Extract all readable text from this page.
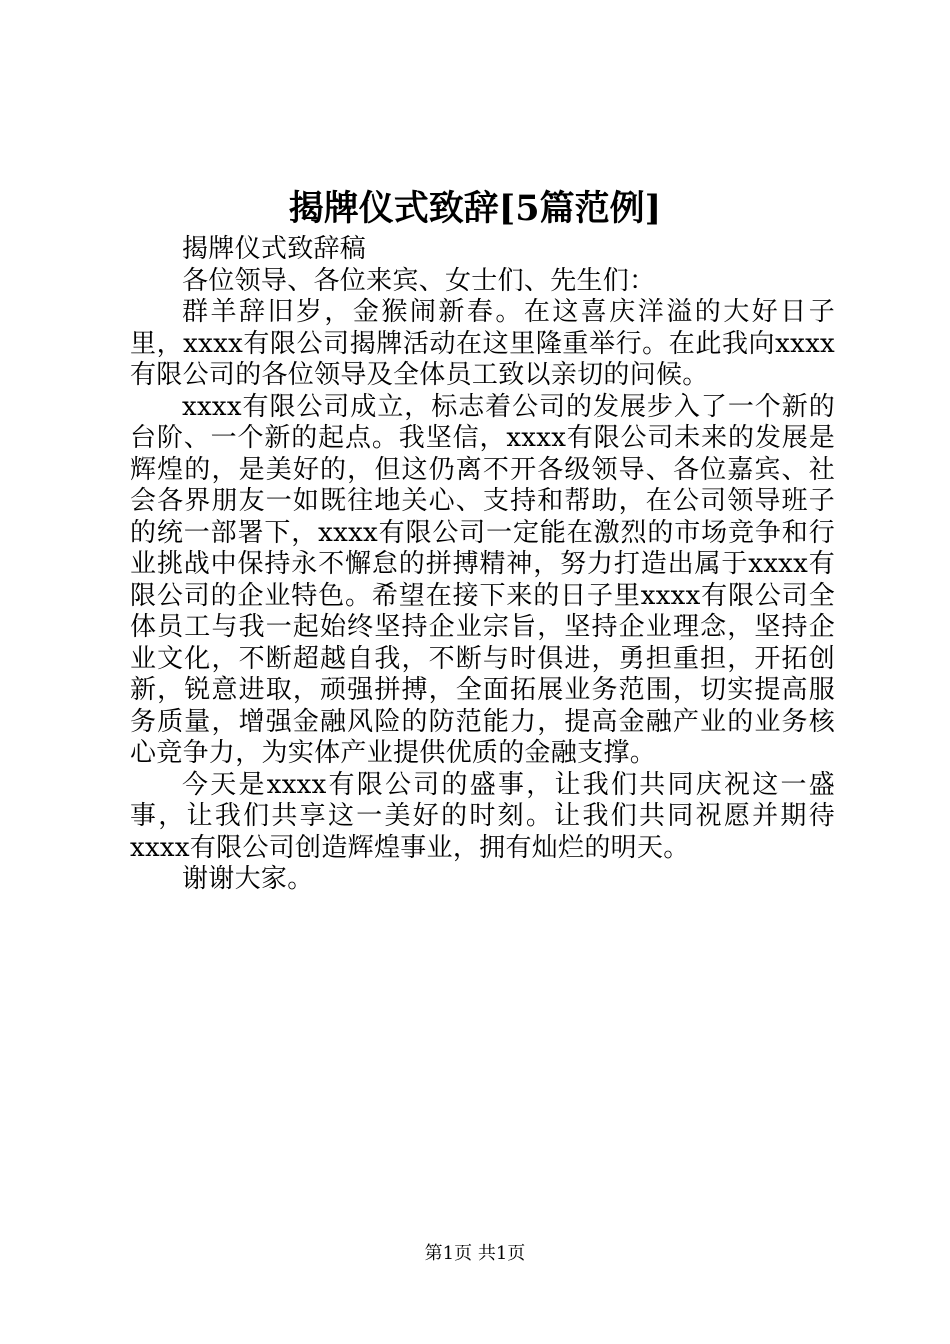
揭牌仪式致辞[5篇范例]

揭牌仪式致辞稿

各位领导、各位来宾、女士们、先生们：

群羊辞旧岁，金猴闹新春。在这喜庆洋溢的大好日子里，xxxx有限公司揭牌活动在这里隆重举行。在此我向xxxx有限公司的各位领导及全体员工致以亲切的问候。

xxxx有限公司成立，标志着公司的发展步入了一个新的台阶、一个新的起点。我坚信，xxxx有限公司未来的发展是辉煌的，是美好的，但这仍离不开各级领导、各位嘉宾、社会各界朋友一如既往地关心、支持和帮助，在公司领导班子的统一部署下，xxxx有限公司一定能在激烈的市场竞争和行业挑战中保持永不懈怠的拼搏精神，努力打造出属于xxxx有限公司的企业特色。希望在接下来的日子里xxxx有限公司全体员工与我一起始终坚持企业宗旨，坚持企业理念，坚持企业文化，不断超越自我，不断与时俱进，勇担重担，开拓创新，锐意进取，顽强拼搏，全面拓展业务范围，切实提高服务质量，增强金融风险的防范能力，提高金融产业的业务核心竞争力，为实体产业提供优质的金融支撑。

今天是xxxx有限公司的盛事，让我们共同庆祝这一盛事，让我们共享这一美好的时刻。让我们共同祝愿并期待xxxx有限公司创造辉煌事业，拥有灿烂的明天。

谢谢大家。

第1页 共1页
